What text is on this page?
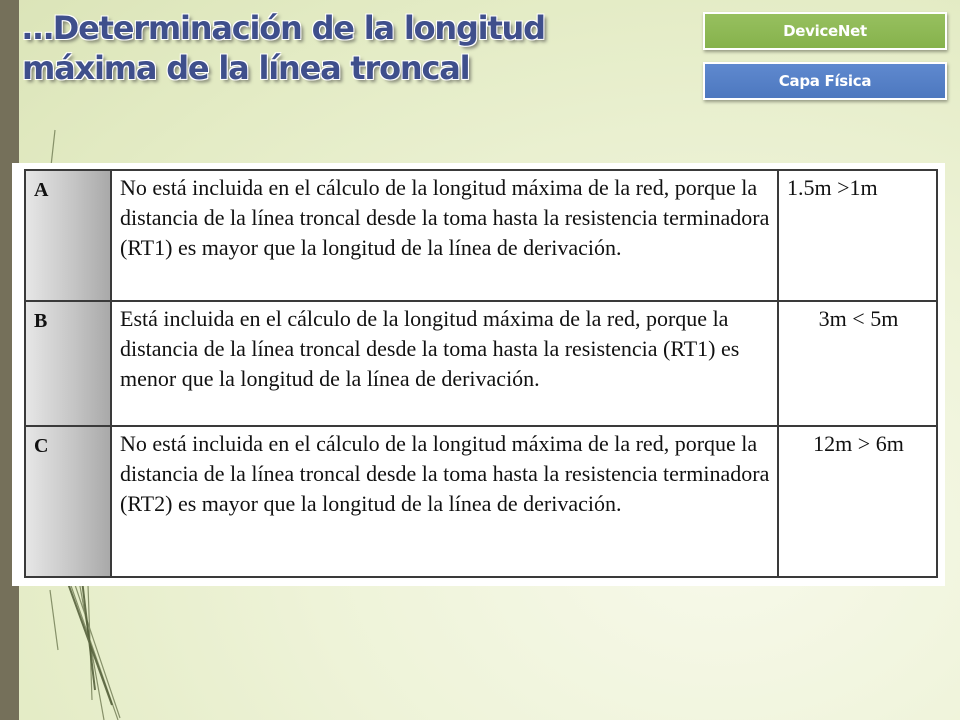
…Determinación de la longitud
máxima de la línea troncal
DeviceNet
Capa Física
A	No está incluida en el cálculo de la longitud máxima de la red, porque la distancia de la línea troncal desde la toma hasta la resistencia terminadora (RT1) es mayor que la longitud de la línea de derivación.	1.5m >1m
B	Está incluida en el cálculo de la longitud máxima de la red, porque la distancia de la línea troncal desde la toma hasta la resistencia (RT1) es menor que la longitud de la línea de derivación.	3m < 5m
C	No está incluida en el cálculo de la longitud máxima de la red, porque la distancia de la línea troncal desde la toma hasta la resistencia terminadora (RT2) es mayor que la longitud de la línea de derivación.	12m > 6m
